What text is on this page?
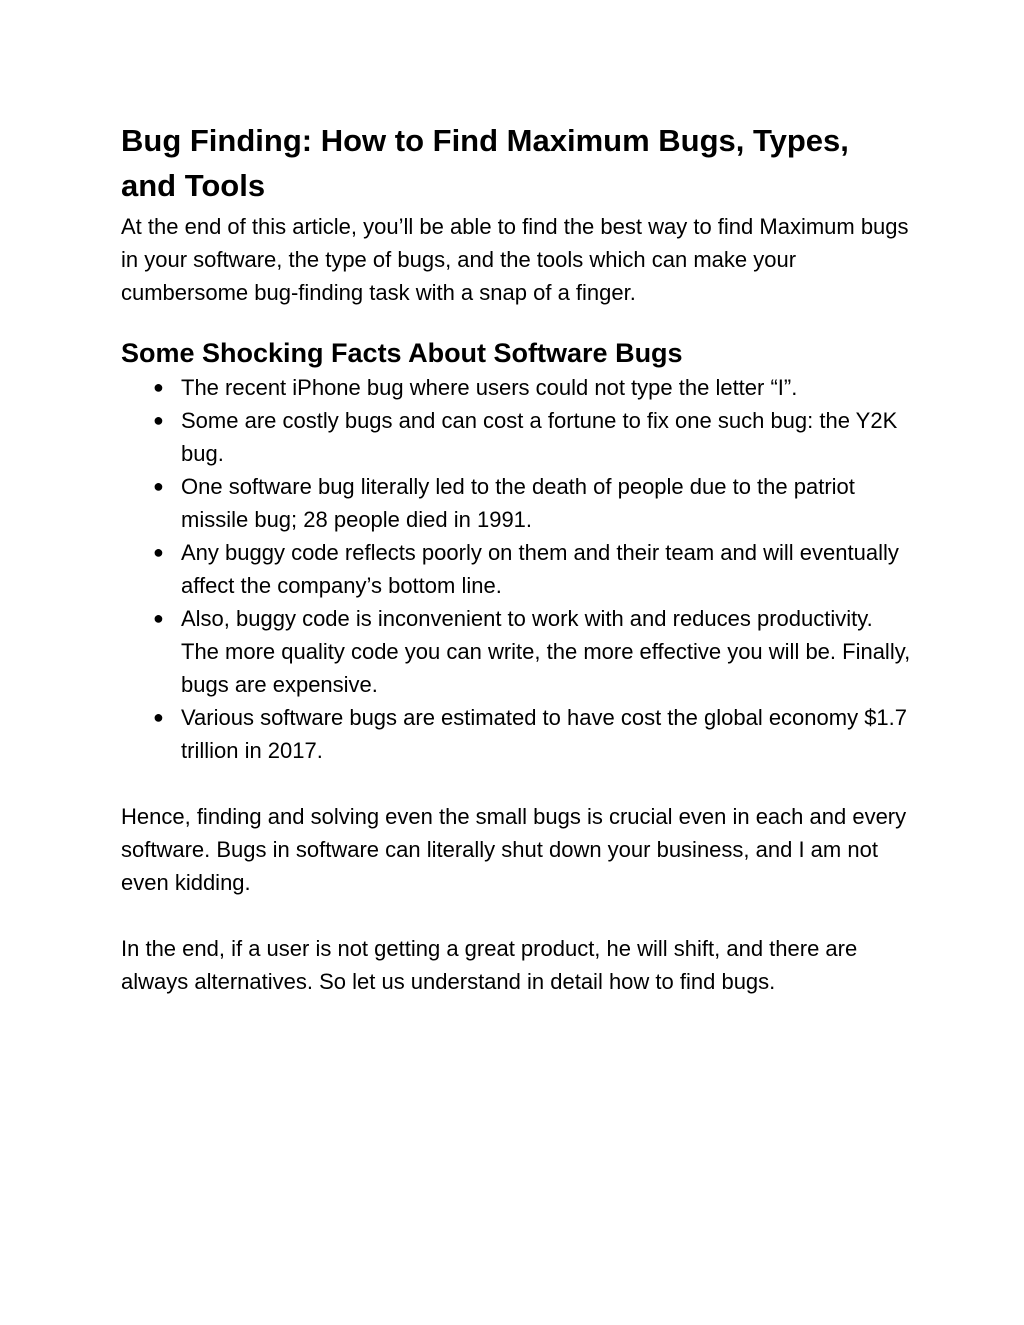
Bug Finding: How to Find Maximum Bugs, Types, and Tools

At the end of this article, you’ll be able to find the best way to find Maximum bugs in your software, the type of bugs, and the tools which can make your cumbersome bug-finding task with a snap of a finger.

Some Shocking Facts About Software Bugs
● The recent iPhone bug where users could not type the letter “I”.
● Some are costly bugs and can cost a fortune to fix one such bug: the Y2K bug.
● One software bug literally led to the death of people due to the patriot missile bug; 28 people died in 1991.
● Any buggy code reflects poorly on them and their team and will eventually affect the company’s bottom line.
● Also, buggy code is inconvenient to work with and reduces productivity. The more quality code you can write, the more effective you will be. Finally, bugs are expensive.
● Various software bugs are estimated to have cost the global economy $1.7 trillion in 2017.

Hence, finding and solving even the small bugs is crucial even in each and every software. Bugs in software can literally shut down your business, and I am not even kidding.

In the end, if a user is not getting a great product, he will shift, and there are always alternatives. So let us understand in detail how to find bugs.
